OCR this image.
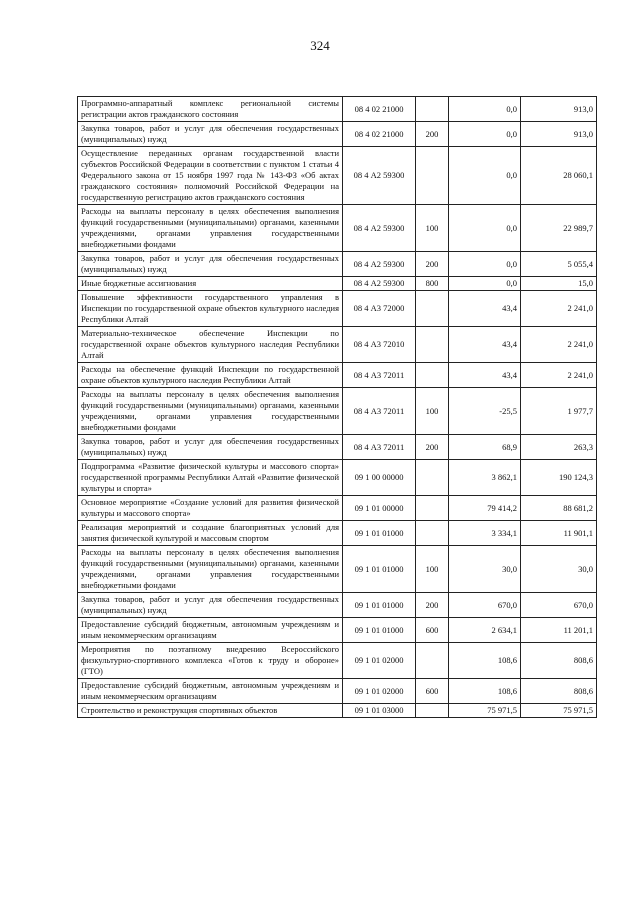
324
Программно-аппаратный комплекс региональной системы регистрации актов гражданского состояния	08 4 02 21000		0,0	913,0
Закупка товаров, работ и услуг для обеспечения государственных (муниципальных) нужд	08 4 02 21000	200	0,0	913,0
Осуществление переданных органам государственной власти субъектов Российской Федерации в соответствии с пунктом 1 статьи 4 Федерального закона от 15 ноября 1997 года № 143-ФЗ «Об актах гражданского состояния» полномочий Российской Федерации на государственную регистрацию актов гражданского состояния	08 4 А2 59300		0,0	28 060,1
Расходы на выплаты персоналу в целях обеспечения выполнения функций государственными (муниципальными) органами, казенными учреждениями, органами управления государственными внебюджетными фондами	08 4 А2 59300	100	0,0	22 989,7
Закупка товаров, работ и услуг для обеспечения государственных (муниципальных) нужд	08 4 А2 59300	200	0,0	5 055,4
Иные бюджетные ассигнования	08 4 А2 59300	800	0,0	15,0
Повышение эффективности государственного управления в Инспекции по государственной охране объектов культурного наследия Республики Алтай	08 4 А3 72000		43,4	2 241,0
Материально-техническое обеспечение Инспекции по государственной охране объектов культурного наследия Республики Алтай	08 4 А3 72010		43,4	2 241,0
Расходы на обеспечение функций Инспекции по государственной охране объектов культурного наследия Республики Алтай	08 4 А3 72011		43,4	2 241,0
Расходы на выплаты персоналу в целях обеспечения выполнения функций государственными (муниципальными) органами, казенными учреждениями, органами управления государственными внебюджетными фондами	08 4 А3 72011	100	-25,5	1 977,7
Закупка товаров, работ и услуг для обеспечения государственных (муниципальных) нужд	08 4 А3 72011	200	68,9	263,3
Подпрограмма «Развитие физической культуры и массового спорта» государственной программы Республики Алтай «Развитие физической культуры и спорта»	09 1 00 00000		3 862,1	190 124,3
Основное мероприятие «Создание условий для развития физической культуры и массового спорта»	09 1 01 00000		79 414,2	88 681,2
Реализация мероприятий и создание благоприятных условий для занятия физической культурой и массовым спортом	09 1 01 01000		3 334,1	11 901,1
Расходы на выплаты персоналу в целях обеспечения выполнения функций государственными (муниципальными) органами, казенными учреждениями, органами управления государственными внебюджетными фондами	09 1 01 01000	100	30,0	30,0
Закупка товаров, работ и услуг для обеспечения государственных (муниципальных) нужд	09 1 01 01000	200	670,0	670,0
Предоставление субсидий бюджетным, автономным учреждениям и иным некоммерческим организациям	09 1 01 01000	600	2 634,1	11 201,1
Мероприятия по поэтапному внедрению Всероссийского физкультурно-спортивного комплекса «Готов к труду и обороне» (ГТО)	09 1 01 02000		108,6	808,6
Предоставление субсидий бюджетным, автономным учреждениям и иным некоммерческим организациям	09 1 01 02000	600	108,6	808,6
Строительство и реконструкция спортивных объектов	09 1 01 03000		75 971,5	75 971,5
